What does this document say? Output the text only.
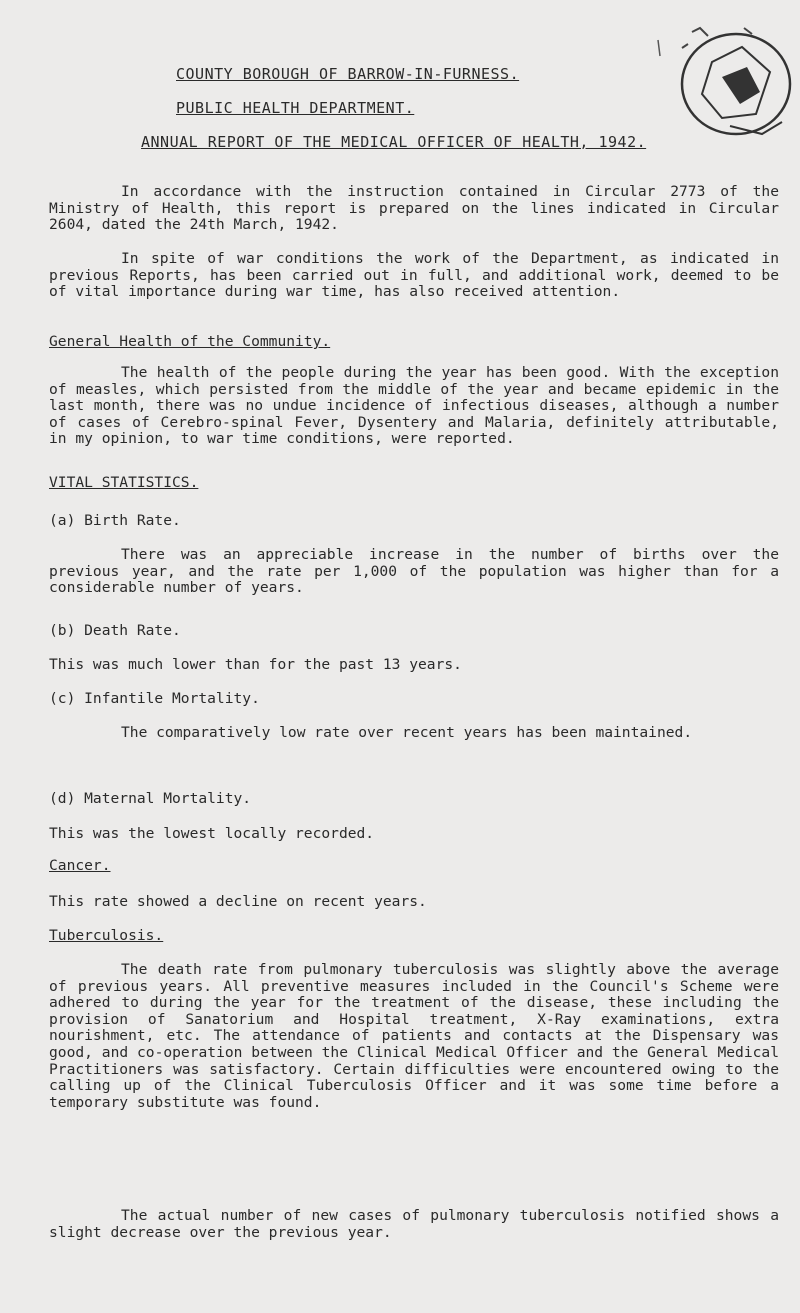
COUNTY BOROUGH OF BARROW-IN-FURNESS.
PUBLIC HEALTH DEPARTMENT.
ANNUAL REPORT OF THE MEDICAL OFFICER OF HEALTH, 1942.
In accordance with the instruction contained in Circular 2773 of the Ministry of Health, this report is prepared on the lines indicated in Circular 2604, dated the 24th March, 1942.
In spite of war conditions the work of the Department, as indicated in previous Reports, has been carried out in full, and additional work, deemed to be of vital importance during war time, has also received attention.
General Health of the Community.
The health of the people during the year has been good. With the exception of measles, which persisted from the middle of the year and became epidemic in the last month, there was no undue incidence of infectious diseases, although a number of cases of Cerebro-spinal Fever, Dysentery and Malaria, definitely attributable, in my opinion, to war time conditions, were reported.
VITAL STATISTICS.
(a) Birth Rate.
There was an appreciable increase in the number of births over the previous year, and the rate per 1,000 of the population was higher than for a considerable number of years.
(b) Death Rate.
This was much lower than for the past 13 years.
(c) Infantile Mortality.
The comparatively low rate over recent years has been maintained.
(d) Maternal Mortality.
This was the lowest locally recorded.
Cancer.
This rate showed a decline on recent years.
Tuberculosis.
The death rate from pulmonary tuberculosis was slightly above the average of previous years. All preventive measures included in the Council's Scheme were adhered to during the year for the treatment of the disease, these including the provision of Sanatorium and Hospital treatment, X-Ray examinations, extra nourishment, etc. The attendance of patients and contacts at the Dispensary was good, and co-operation between the Clinical Medical Officer and the General Medical Practitioners was satisfactory. Certain difficulties were encountered owing to the calling up of the Clinical Tuberculosis Officer and it was some time before a temporary substitute was found.
The actual number of new cases of pulmonary tuberculosis notified shows a slight decrease over the previous year.
